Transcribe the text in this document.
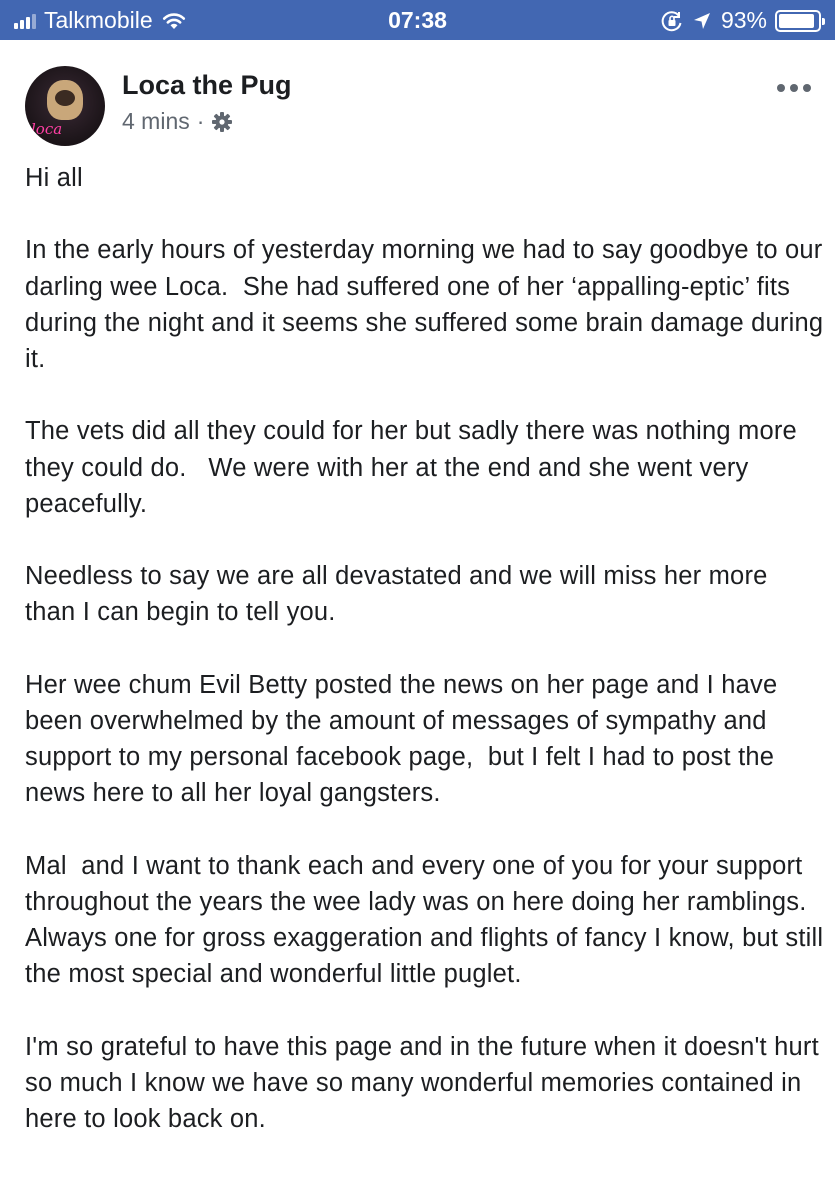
Talkmobile	07:38	93%
loca
Loca the Pug
4 mins ·

Hi all

In the early hours of yesterday morning we had to say goodbye to our darling wee Loca.  She had suffered one of her ‘appalling-eptic’ fits during the night and it seems she suffered some brain damage during it.

The vets did all they could for her but sadly there was nothing more they could do.   We were with her at the end and she went very peacefully.

Needless to say we are all devastated and we will miss her more than I can begin to tell you.

Her wee chum Evil Betty posted the news on her page and I have been overwhelmed by the amount of messages of sympathy and support to my personal facebook page,  but I felt I had to post the news here to all her loyal gangsters.

Mal  and I want to thank each and every one of you for your support throughout the years the wee lady was on here doing her ramblings.  Always one for gross exaggeration and flights of fancy I know, but still the most special and wonderful little puglet.

I'm so grateful to have this page and in the future when it doesn't hurt so much I know we have so many wonderful memories contained in here to look back on.
